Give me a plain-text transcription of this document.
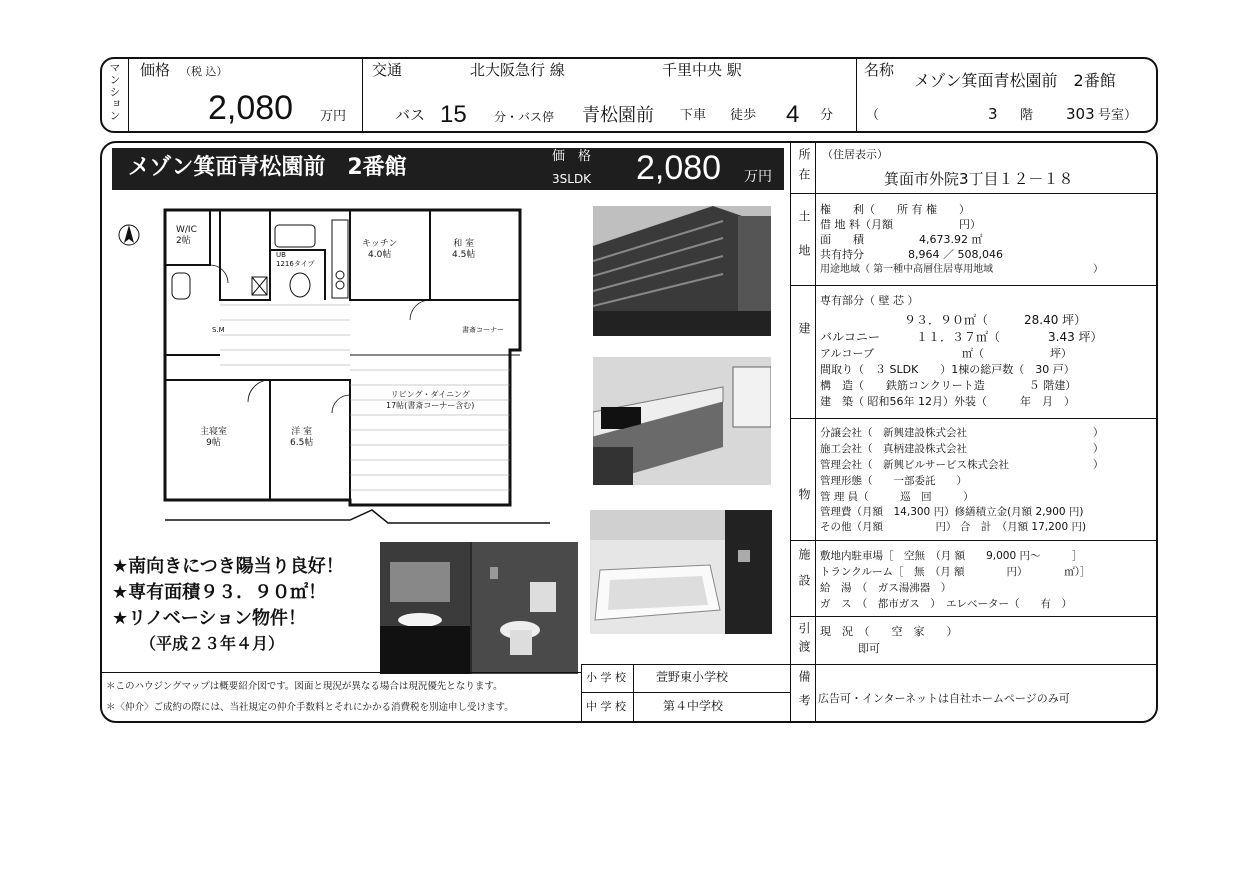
マンション 価格 （税 込）
2,080 万円
交通	北大阪急行 線	千里中央 駅
バス 15 分・バス停 青松園前 下車 徒歩 4 分
名称
メゾン箕面青松園前　2番館
（	3 階 303 号室）
メゾン箕面青松園前　2番館	価　格
3SLDK 2,080 万円
W/IC
2帖
UB
1216タイプ
キッチン
4.0帖
和 室
4.5帖
S.M	書斎コーナー
リビング・ダイニング
17帖(書斎コーナー含む)
主寝室
9帖
洋 室
6.5帖
★南向きにつき陽当り良好！
★専有面積９３．９０㎡！
★リノベーション物件！
（平成２３年４月）
＊このハウジングマップは概要紹介図です。図面と現況が異なる場合は現況優先となります。
＊〈仲介〉ご成約の際には、当社規定の仲介手数料とそれにかかる消費税を別途申し受けます。
小 学 校	萱野東小学校
中 学 校	第４中学校
所在 （住居表示）
箕面市外院3丁目１２－１８
土地
権　　利（　　所 有 権　　）
借 地 料（月額　　　　　　円）
面　　積　　　　　4,673.92 ㎡
共有持分　　　　8,964 ／ 508,046
用途地域（ 第一種中高層住居専用地域　　　　　　　　　　）
建
専有部分（ 壁 芯 ）
　　　　　　　９３．９０㎡（　　　28.40 坪）
バルコニー　　　１１．３７㎡（　　　　3.43 坪）
アルコーブ　　　　　　　　㎡（　　　　　　坪）
間取り（　３ SLDK　　）1棟の総戸数（　30 戸）
構　造（　　鉄筋コンクリート造　　　　５ 階建）
建　築（ 昭和56年 12月）外装（　　　年　月　）
物
分譲会社（　新興建設株式会社　　　　　　　　　　　　）
施工会社（　真柄建設株式会社　　　　　　　　　　　　）
管理会社（　新興ビルサービス株式会社　　　　　　　　）
管理形態（　　一部委託　　）
管 理 員（　　　巡　回　　　）
管理費（月額　14,300 円）修繕積立金(月額 2,900 円)
その他（月額　　　　　円） 合　計　（月額 17,200 円)
施設 敷地内駐車場［　空無　（月 額　　9,000 円～　　　］
トランクルーム［　無　（月 額　　　　円）　　　　㎡）］
給　湯　（　ガス湯沸器　）
ガ　ス　（　都市ガス　）　エレベーター（　　有　）
引渡 現　況　（　　空　家　　）
即可
備考 広告可・インターネットは自社ホームページのみ可
